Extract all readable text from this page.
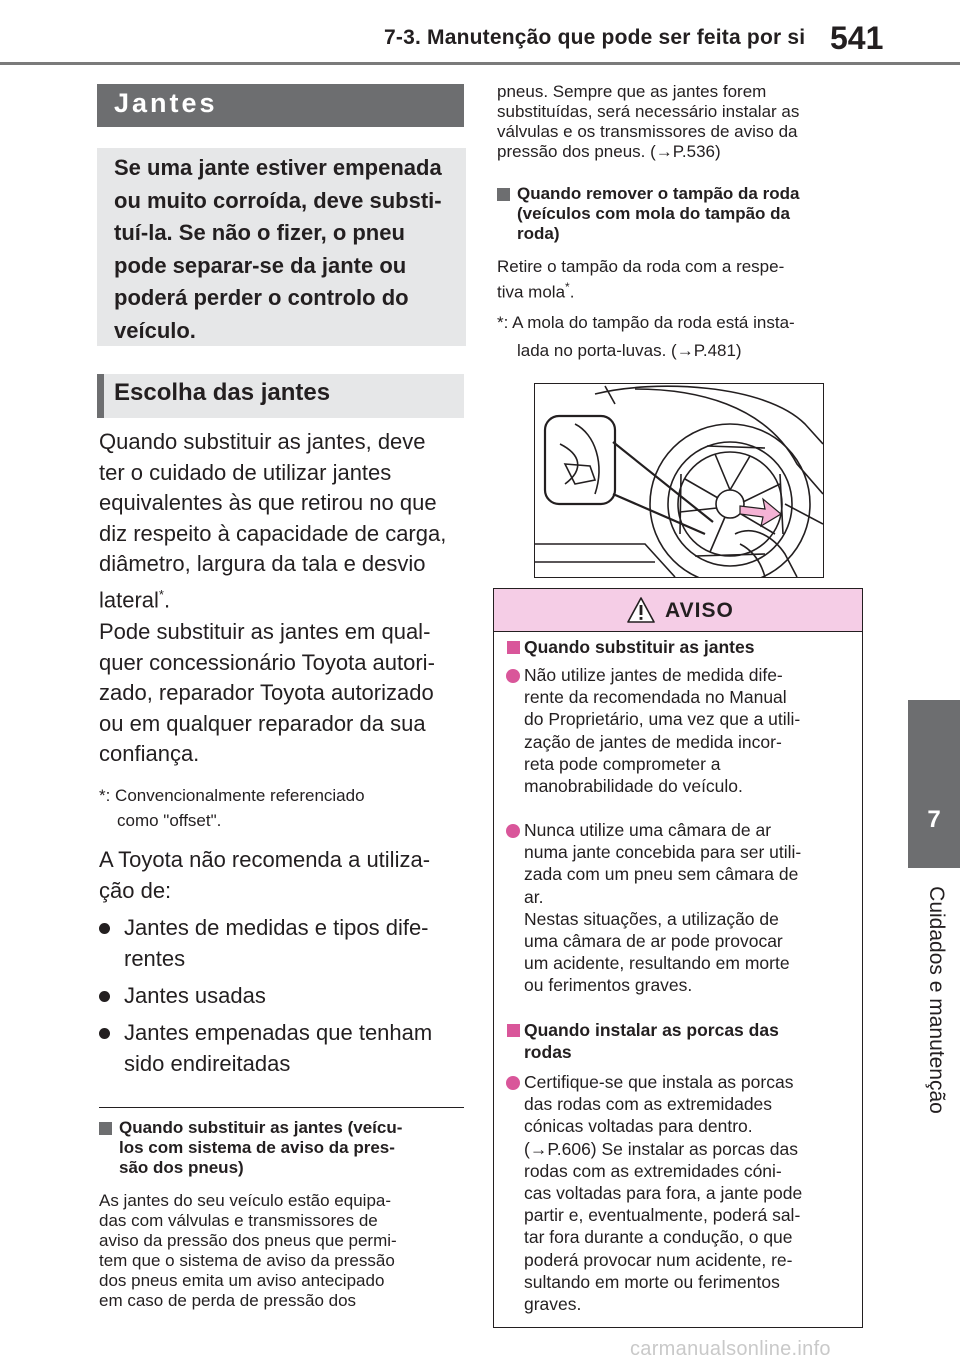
7-3. Manutenção que pode ser feita por si 541
7
Cuidados e manutenção
Jantes

Se uma jante estiver empenada
ou muito corroída, deve substi-
tuí-la. Se não o fizer, o pneu
pode separar-se da jante ou
poderá perder o controlo do
veículo.

Escolha das jantes
Quando substituir as jantes, deve
ter o cuidado de utilizar jantes
equivalentes às que retirou no que
diz respeito à capacidade de carga,
diâmetro, largura da tala e desvio
lateral*.
Pode substituir as jantes em qual-
quer concessionário Toyota autori-
zado, reparador Toyota autorizado
ou em qualquer reparador da sua
confiança.
*: Convencionalmente referenciado
como "offset".
A Toyota não recomenda a utiliza-
ção de:
Jantes de medidas e tipos dife-
rentes
Jantes usadas
Jantes empenadas que tenham
sido endireitadas
Quando substituir as jantes (veícu-
los com sistema de aviso da pres-
são dos pneus)
As jantes do seu veículo estão equipa-
das com válvulas e transmissores de
aviso da pressão dos pneus que permi-
tem que o sistema de aviso da pressão
dos pneus emita um aviso antecipado
em caso de perda de pressão dos
pneus. Sempre que as jantes forem
substituídas, será necessário instalar as
válvulas e os transmissores de aviso da
pressão dos pneus. (→P.536)
Quando remover o tampão da roda
(veículos com mola do tampão da
roda)
Retire o tampão da roda com a respe-
tiva mola*.
*: A mola do tampão da roda está insta-
lada no porta-luvas. (→P.481)
AVISO
Quando substituir as jantes
Não utilize jantes de medida dife-
rente da recomendada no Manual
do Proprietário, uma vez que a utili-
zação de jantes de medida incor-
reta pode comprometer a
manobrabilidade do veículo.
Nunca utilize uma câmara de ar
numa jante concebida para ser utili-
zada com um pneu sem câmara de
ar.
Nestas situações, a utilização de
uma câmara de ar pode provocar
um acidente, resultando em morte
ou ferimentos graves.
Quando instalar as porcas das
rodas
Certifique-se que instala as porcas
das rodas com as extremidades
cónicas voltadas para dentro.
(→P.606) Se instalar as porcas das
rodas com as extremidades cóni-
cas voltadas para fora, a jante pode
partir e, eventualmente, poderá sal-
tar fora durante a condução, o que
poderá provocar num acidente, re-
sultando em morte ou ferimentos
graves.
carmanualsonline.info
